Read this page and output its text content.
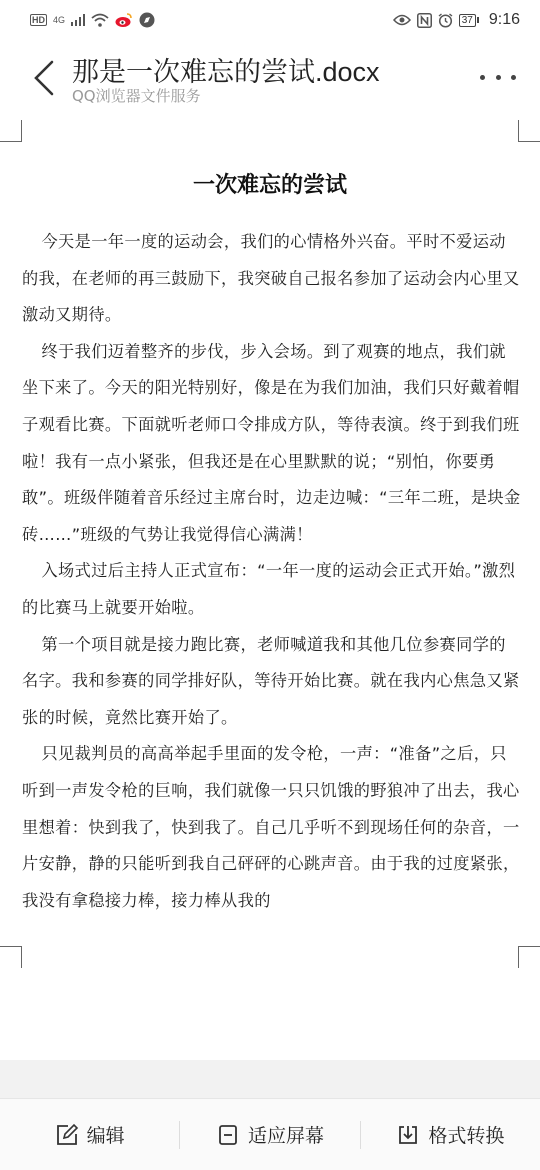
HD 4G	37 9:16
那是一次难忘的尝试.docx
QQ浏览器文件服务
一次难忘的尝试

今天是一年一度的运动会，我们的心情格外兴奋。平时不爱运动的我，在老师的再三鼓励下，我突破自己报名参加了运动会内心里又激动又期待。

终于我们迈着整齐的步伐，步入会场。到了观赛的地点，我们就坐下来了。今天的阳光特别好，像是在为我们加油，我们只好戴着帽子观看比赛。下面就听老师口令排成方队，等待表演。终于到我们班啦！我有一点小紧张，但我还是在心里默默的说；“别怕，你要勇敢”。班级伴随着音乐经过主席台时，边走边喊：“三年二班，是块金砖……”班级的气势让我觉得信心满满！

入场式过后主持人正式宣布：“一年一度的运动会正式开始。”激烈的比赛马上就要开始啦。

第一个项目就是接力跑比赛，老师喊道我和其他几位参赛同学的名字。我和参赛的同学排好队，等待开始比赛。就在我内心焦急又紧张的时候，竟然比赛开始了。

只见裁判员的高高举起手里面的发令枪，一声：“准备”之后，只听到一声发令枪的巨响，我们就像一只只饥饿的野狼冲了出去，我心里想着：快到我了，快到我了。自己几乎听不到现场任何的杂音，一片安静，静的只能听到我自己砰砰的心跳声音。由于我的过度紧张，我没有拿稳接力棒，接力棒从我的

编辑	适应屏幕	格式转换
